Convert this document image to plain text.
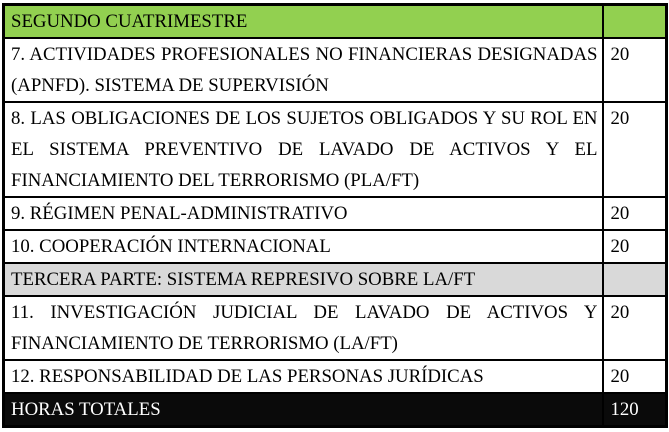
SEGUNDO CUATRIMESTRE	
7. ACTIVIDADES PROFESIONALES NO FINANCIERAS DESIGNADAS (APNFD). SISTEMA DE SUPERVISIÓN	20
8. LAS OBLIGACIONES DE LOS SUJETOS OBLIGADOS Y SU ROL EN EL SISTEMA PREVENTIVO DE LAVADO DE ACTIVOS Y EL FINANCIAMIENTO DEL TERRORISMO (PLA/FT)	20
9. RÉGIMEN PENAL-ADMINISTRATIVO	20
10. COOPERACIÓN INTERNACIONAL	20
TERCERA PARTE: SISTEMA REPRESIVO SOBRE LA/FT	
11. INVESTIGACIÓN JUDICIAL DE LAVADO DE ACTIVOS Y FINANCIAMIENTO DE TERRORISMO (LA/FT)	20
12. RESPONSABILIDAD DE LAS PERSONAS JURÍDICAS	20
HORAS TOTALES	120
